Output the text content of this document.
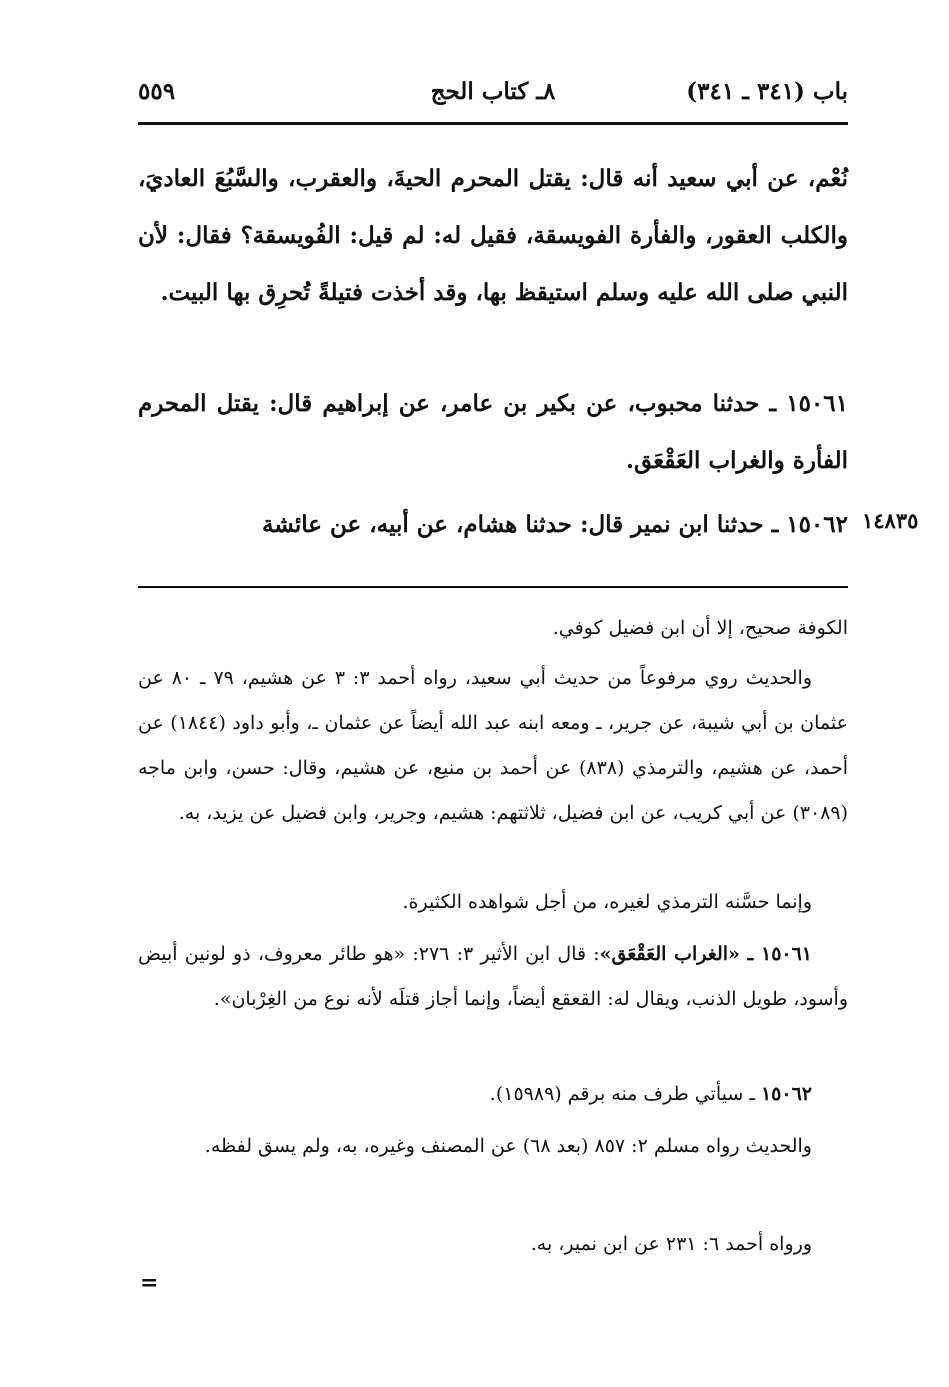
باب (٣٤١ ـ ٣٤١)
٨ـ كتاب الحج
٥٥٩

نُعْم، عن أبي سعيد أنه قال: يقتل المحرم الحيةَ، والعقرب، والسَّبُعَ العاديَ، والكلب العقور، والفأرة الفويسقة، فقيل له: لم قيل: الفُويسقة؟ فقال: لأن النبي صلى الله عليه وسلم استيقظ بها، وقد أخذت فتيلةً تُحرِق بها البيت.

١٥٠٦١ ـ حدثنا محبوب، عن بكير بن عامر، عن إبراهيم قال: يقتل المحرم الفأرة والغراب العَقْعَق.

١٥٠٦٢ ـ حدثنا ابن نمير قال: حدثنا هشام، عن أبيه، عن عائشة	١٤٨٣٥

الكوفة صحيح، إلا أن ابن فضيل كوفي.

والحديث روي مرفوعاً من حديث أبي سعيد، رواه أحمد ٣: ٣ عن هشيم، ٧٩ ـ ٨٠ عن عثمان بن أبي شيبة، عن جرير، ـ ومعه ابنه عبد الله أيضاً عن عثمان ـ، وأبو داود (١٨٤٤) عن أحمد، عن هشيم، والترمذي (٨٣٨) عن أحمد بن منيع، عن هشيم، وقال: حسن، وابن ماجه (٣٠٨٩) عن أبي كريب، عن ابن فضيل، ثلاثتهم: هشيم، وجرير، وابن فضيل عن يزيد، به.

وإنما حسَّنه الترمذي لغيره، من أجل شواهده الكثيرة.

١٥٠٦١ ـ «الغراب العَقْعَق»: قال ابن الأثير ٣: ٢٧٦: «هو طائر معروف، ذو لونين أبيض وأسود، طويل الذنب، ويقال له: القعقع أيضاً، وإنما أجاز قتلَه لأنه نوع من الغِرْبان».

١٥٠٦٢ ـ سيأتي طرف منه برقم (١٥٩٨٩).

والحديث رواه مسلم ٢: ٨٥٧ (بعد ٦٨) عن المصنف وغيره، به، ولم يسق لفظه.

ورواه أحمد ٦: ٢٣١ عن ابن نمير، به.

=
